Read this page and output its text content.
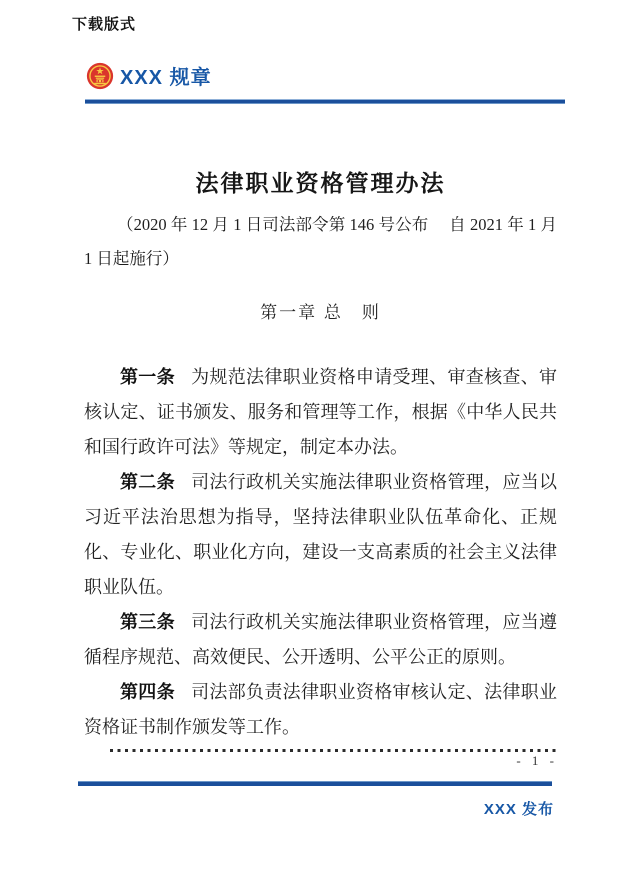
下载版式
XXX 规章
法律职业资格管理办法

（2020 年 12 月 1 日司法部令第 146 号公布　 自 2021 年 1 月 1 日起施行）

第一章 总　则

第一条 为规范法律职业资格申请受理、审查核查、审核认定、证书颁发、服务和管理等工作，根据《中华人民共和国行政许可法》等规定，制定本办法。

第二条 司法行政机关实施法律职业资格管理，应当以习近平法治思想为指导，坚持法律职业队伍革命化、正规化、专业化、职业化方向，建设一支高素质的社会主义法律职业队伍。

第三条 司法行政机关实施法律职业资格管理，应当遵循程序规范、高效便民、公开透明、公平公正的原则。

第四条 司法部负责法律职业资格审核认定、法律职业资格证书制作颁发等工作。

- 1 -
XXX 发布
